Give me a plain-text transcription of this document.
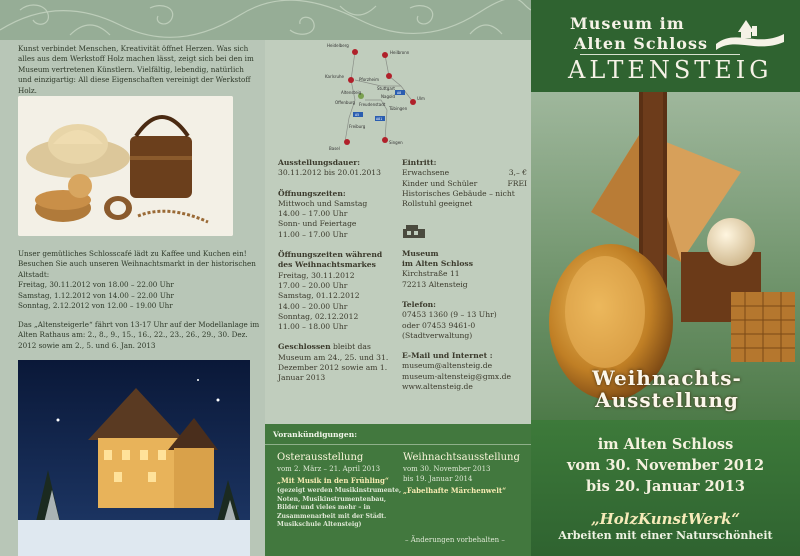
Kunst verbindet Menschen, Kreativität öffnet Herzen. Was sich alles aus dem Werkstoff Holz machen lässt, zeigt sich bei den im Museum vertretenen Künstlern. Vielfältig, lebendig, natürlich und einzigartig: All diese Eigenschaften vereinigt der Werkstoff Holz.
Unser gemütliches Schlosscafé lädt zu Kaffee und Kuchen ein! Besuchen Sie auch unseren Weihnachtsmarkt in der historischen Altstadt:
Freitag, 30.11.2012 von 18.00 – 22.00 Uhr
Samstag, 1.12.2012 von 14.00 – 22.00 Uhr
Sonntag, 2.12.2012 von 12.00 – 19.00 Uhr
Das „Altensteigerle“ fährt von 13-17 Uhr auf der Modellanlage im Alten Rathaus am: 2., 8., 9., 15., 16., 22., 23., 26., 29., 30. Dez. 2012 sowie am 2., 5. und 6. Jan. 2013
Heidelberg
Heilbronn
Karlsruhe
Pforzheim
Stuttgart
Altensteig
Nagold	Ulm
Offenburg Freudenstadt
Tübingen
Freiburg
Basel
Singen
A8
A5
A81
Ausstellungsdauer:
30.11.2012 bis 20.01.2013
Öffnungszeiten:
Mittwoch und Samstag
14.00 – 17.00 Uhr
Sonn- und Feiertage
11.00 – 17.00 Uhr
Öffnungszeiten während
des Weihnachtsmarkes
Freitag, 30.11.2012
17.00 – 20.00 Uhr
Samstag, 01.12.2012
14.00 – 20.00 Uhr
Sonntag, 02.12.2012
11.00 – 18.00 Uhr
Geschlossen bleibt das Museum am 24., 25. und 31. Dezember 2012 sowie am 1. Januar 2013
Eintritt:
Erwachsene	3,– €
Kinder und Schüler	FREI
Historisches Gebäude – nicht
Rollstuhl geeignet
Museum
im Alten Schloss
Kirchstraße 11
72213 Altensteig
Telefon:
07453 1360 (9 – 13 Uhr)
oder 07453 9461-0
(Stadtverwaltung)
E-Mail und Internet :
museum@altensteig.de
museum-altensteig@gmx.de
www.altensteig.de
Vorankündigungen:
Osterausstellung
vom 2. März – 21. April 2013
„Mit Musik in den Frühling“
(gezeigt werden Musikinstrumente, Noten, Musikinstrumentenbau, Bilder und vieles mehr – in Zusammenarbeit mit der Städt. Musikschule Altensteig)
Weihnachtsausstellung
vom 30. November 2013
bis 19. Januar 2014
„Fabelhafte Märchenwelt“
– Änderungen vorbehalten –
Museum im
Alten Schloss
ALTENSTEIG
Weihnachts-
Ausstellung
im Alten Schloss
vom 30. November 2012
bis 20. Januar 2013
„HolzKunstWerk“
Arbeiten mit einer Naturschönheit
